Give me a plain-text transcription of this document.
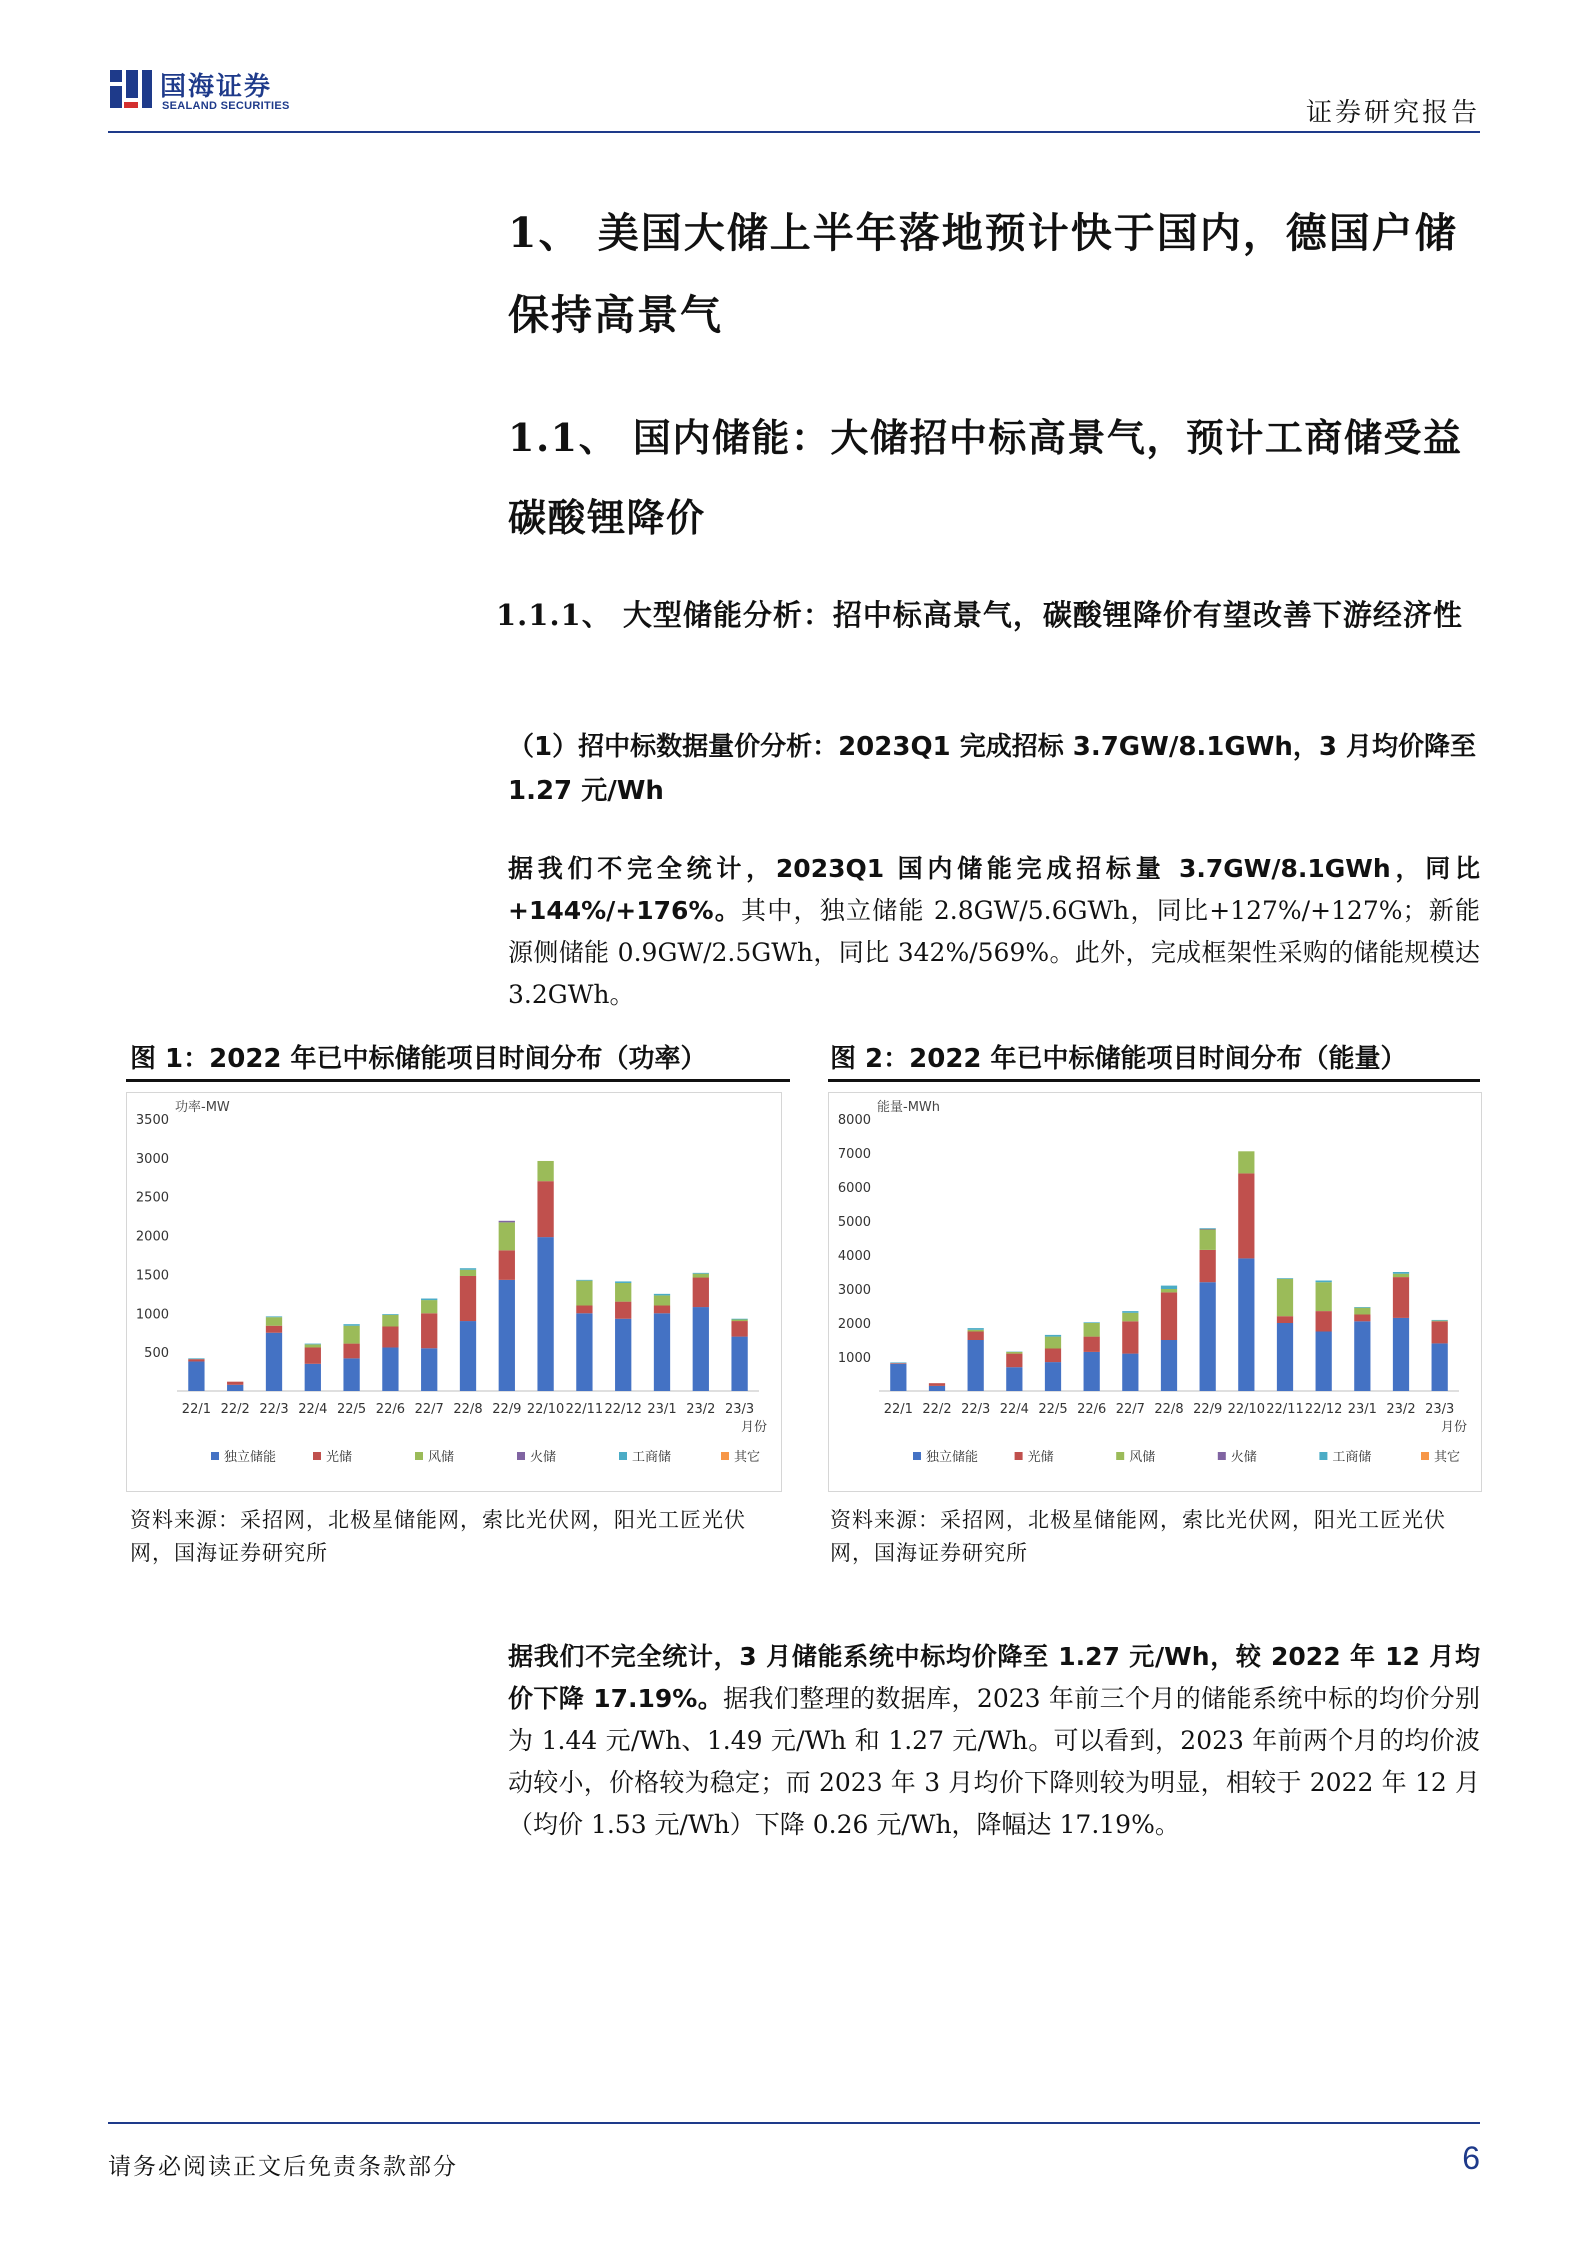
国海证券
SEALAND SECURITIES	证券研究报告
1、 美国大储上半年落地预计快于国内，德国户储保持高景气
1.1、 国内储能：大储招中标高景气，预计工商储受益碳酸锂降价
1.1.1、 大型储能分析：招中标高景气，碳酸锂降价有望改善下游经济性
（1）招中标数据量价分析：2023Q1 完成招标 3.7GW/8.1GWh，3 月均价降至 1.27 元/Wh
据我们不完全统计，2023Q1 国内储能完成招标量 3.7GW/8.1GWh，同比+144%/+176%。其中，独立储能 2.8GW/5.6GWh，同比+127%/+127%；新能源侧储能 0.9GW/2.5GWh，同比 342%/569%。此外，完成框架性采购的储能规模达 3.2GWh。
图 1：2022 年已中标储能项目时间分布（功率）	图 2：2022 年已中标储能项目时间分布（能量）
功率-MW
500
1000
1500
2000
2500
3000
3500
22/1 22/2 22/3 22/4 22/5 22/6 22/7 22/8 22/9 22/10 22/11 22/12 23/1 23/2 23/3
月份
独立储能	光储	风储	火储	工商储	其它
能量-MWh
1000
2000
3000
4000
5000
6000
7000
8000
22/1 22/2 22/3 22/4 22/5 22/6 22/7 22/8 22/9 22/10 22/11 22/12 23/1 23/2 23/3
月份
独立储能	光储	风储	火储	工商储	其它
资料来源：采招网，北极星储能网，索比光伏网，阳光工匠光伏网，国海证券研究所
资料来源：采招网，北极星储能网，索比光伏网，阳光工匠光伏网，国海证券研究所
据我们不完全统计，3 月储能系统中标均价降至 1.27 元/Wh，较 2022 年 12 月均价下降 17.19%。据我们整理的数据库，2023 年前三个月的储能系统中标的均价分别为 1.44 元/Wh、1.49 元/Wh 和 1.27 元/Wh。可以看到，2023 年前两个月的均价波动较小，价格较为稳定；而 2023 年 3 月均价下降则较为明显，相较于 2022 年 12 月（均价 1.53 元/Wh）下降 0.26 元/Wh，降幅达 17.19%。
请务必阅读正文后免责条款部分	6
